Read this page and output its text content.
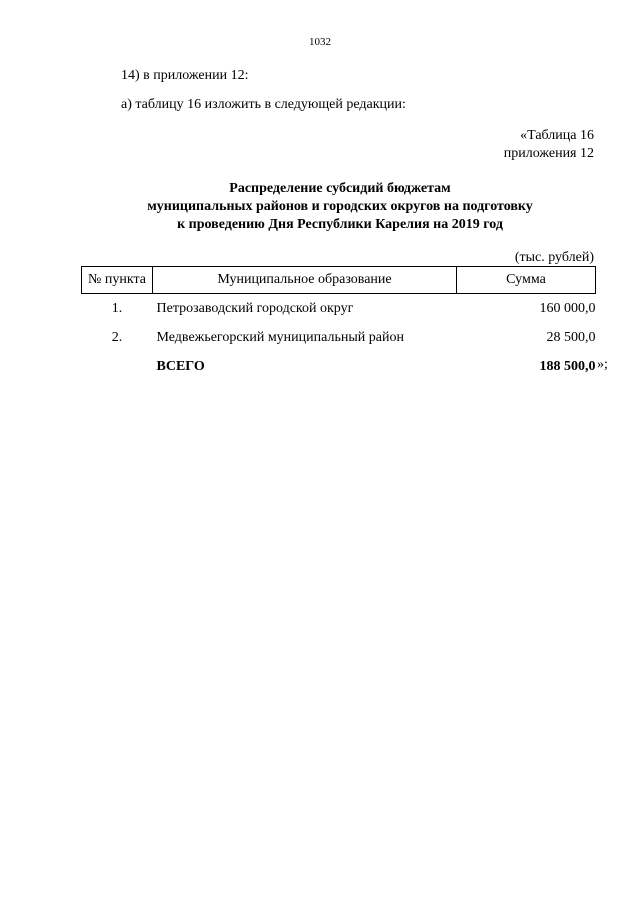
1032
14) в приложении 12:
а) таблицу 16 изложить в следующей редакции:
«Таблица 16
приложения 12
Распределение субсидий бюджетам
муниципальных районов и городских округов на подготовку
к проведению Дня Республики Карелия на 2019 год
(тыс. рублей)
№ пункта	Муниципальное образование	Сумма
1.	Петрозаводский городской округ	160 000,0
2.	Медвежьегорский муниципальный район	28 500,0
	ВСЕГО	188 500,0 »;
